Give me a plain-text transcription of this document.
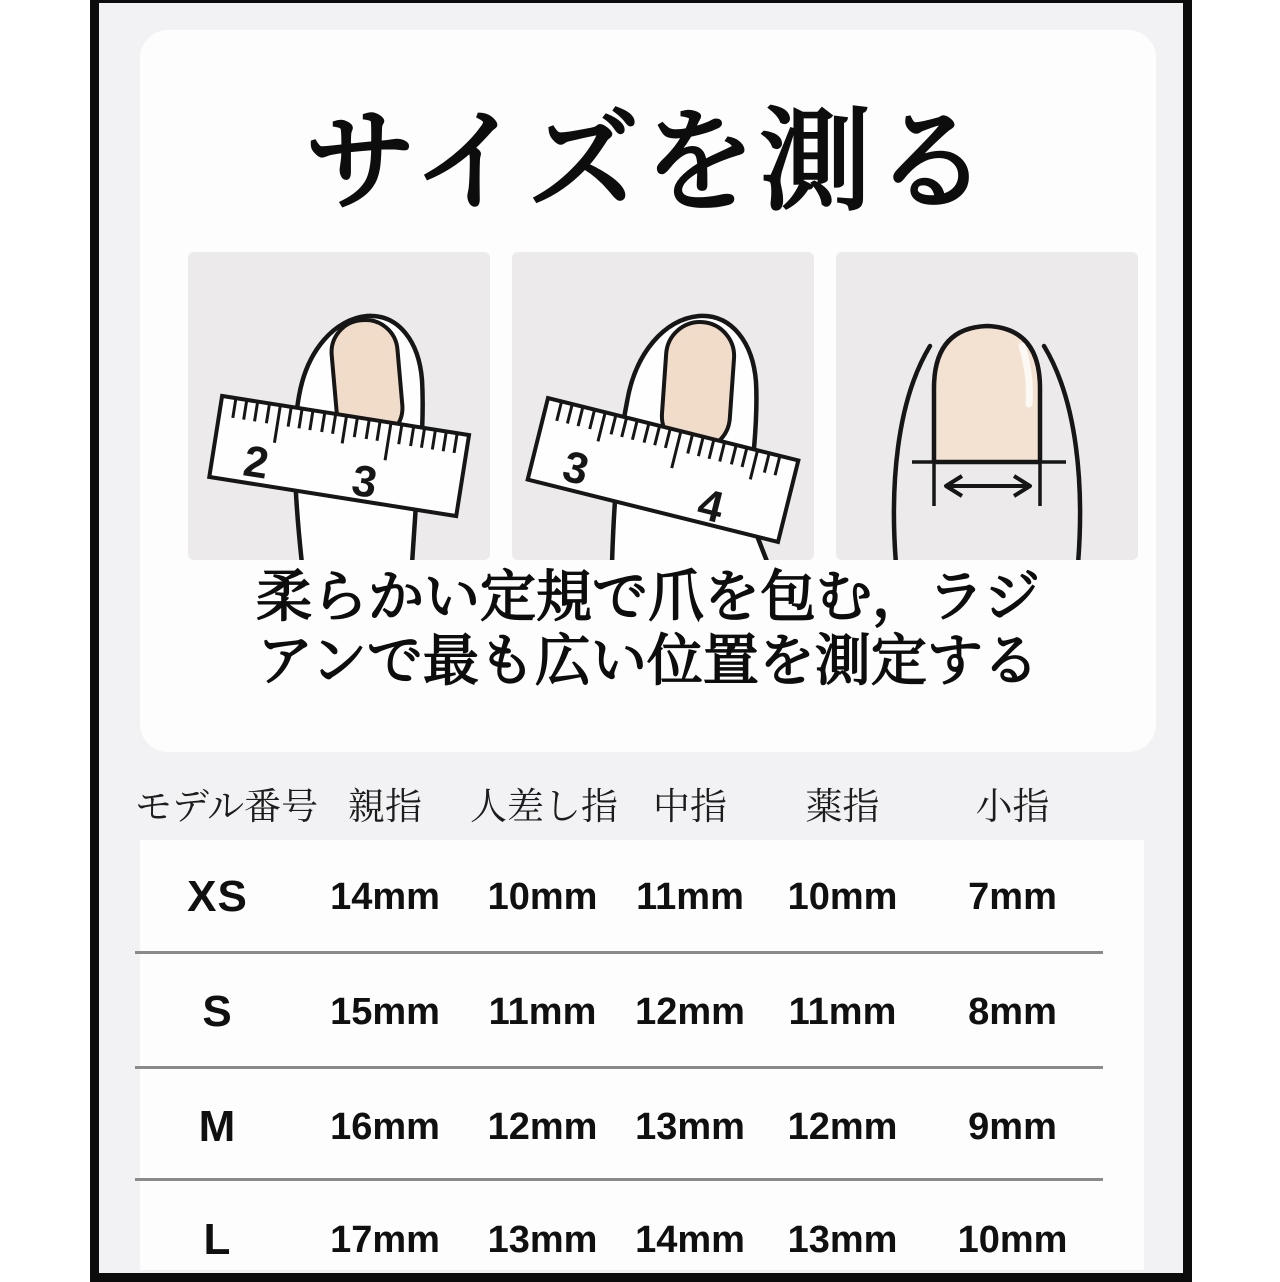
サイズを測る
2 3	3
4
柔らかい定規で爪を包む，ラジ
アンで最も広い位置を測定する
モデル番号 親指	人差し指 中指	薬指	小指
XS	14mm	10mm	11mm	10mm	7mm
S	15mm	11mm	12mm	11mm	8mm
M	16mm	12mm 13mm	12mm	9mm
L	17mm	13mm 14mm	13mm	10mm
